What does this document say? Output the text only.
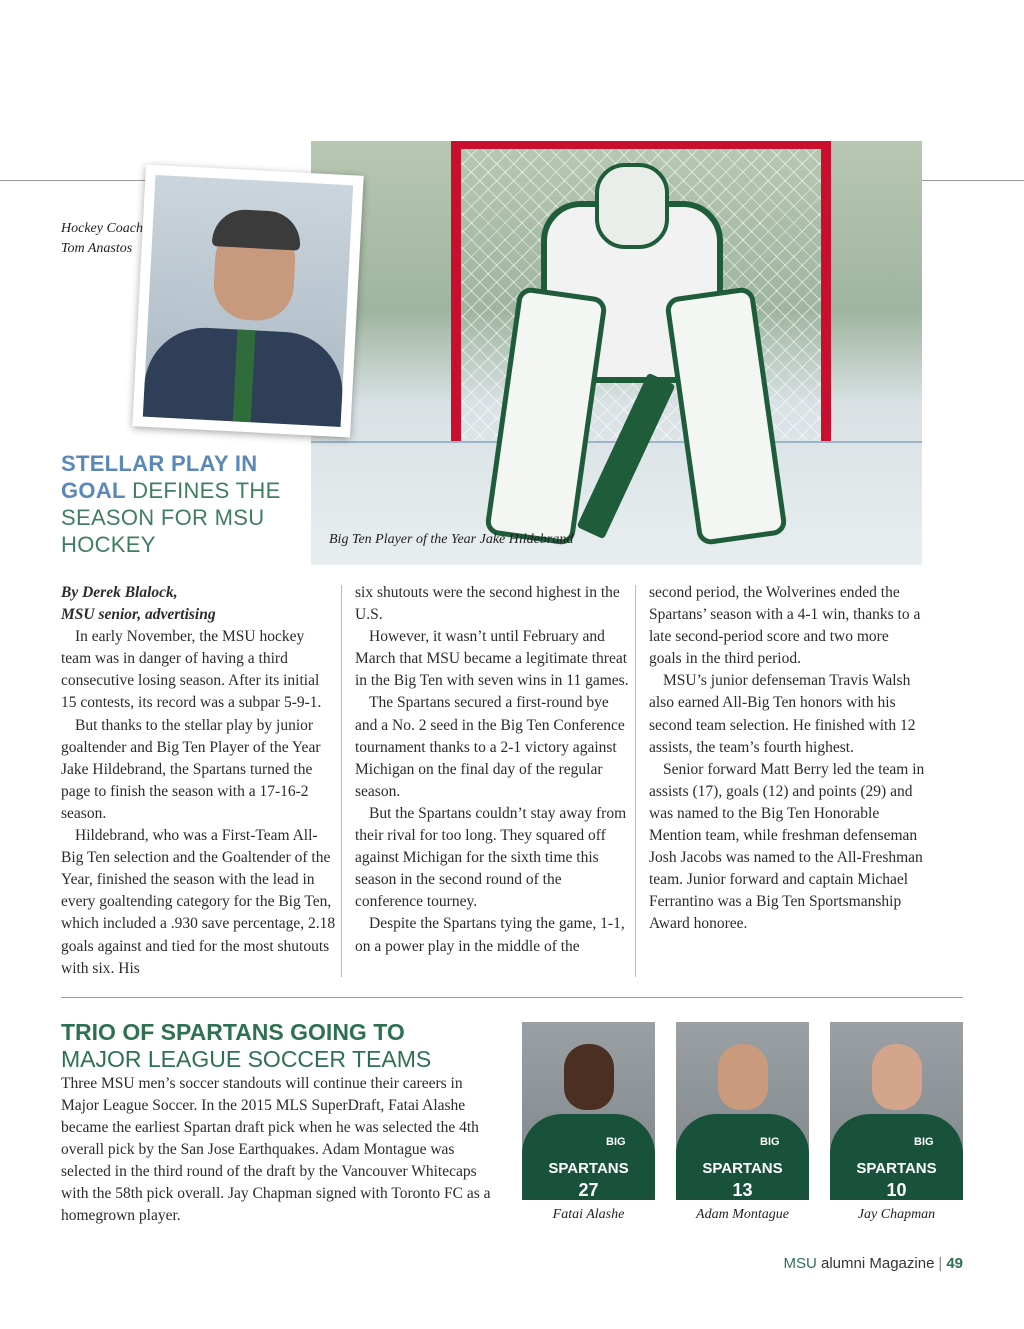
Big Ten Player of the Year Jake Hildebrand
Hockey Coach
Tom Anastos
STELLAR PLAY IN GOAL DEFINES THE SEASON FOR MSU HOCKEY

By Derek Blalock,

MSU senior, advertising

In early November, the MSU hockey team was in danger of having a third consecutive losing season. After its initial 15 contests, its record was a subpar 5-9-1.

But thanks to the stellar play by junior goaltender and Big Ten Player of the Year Jake Hildebrand, the Spartans turned the page to finish the season with a 17-16-2 season.

Hildebrand, who was a First-Team All-Big Ten selection and the Goaltender of the Year, finished the season with the lead in every goaltending category for the Big Ten, which included a .930 save percentage, 2.18 goals against and tied for the most shutouts with six. His

six shutouts were the second highest in the U.S.

However, it wasn’t until February and March that MSU became a legitimate threat in the Big Ten with seven wins in 11 games.

The Spartans secured a first-round bye and a No. 2 seed in the Big Ten Conference tournament thanks to a 2-1 victory against Michigan on the final day of the regular season.

But the Spartans couldn’t stay away from their rival for too long. They squared off against Michigan for the sixth time this season in the second round of the conference tourney.

Despite the Spartans tying the game, 1-1, on a power play in the middle of the

second period, the Wolverines ended the Spartans’ season with a 4-1 win, thanks to a late second-period score and two more goals in the third period.

MSU’s junior defenseman Travis Walsh also earned All-Big Ten honors with his second team selection. He finished with 12 assists, the team’s fourth highest.

Senior forward Matt Berry led the team in assists (17), goals (12) and points (29) and was named to the Big Ten Honorable Mention team, while freshman defenseman Josh Jacobs was named to the All-Freshman team. Junior forward and captain Michael Ferrantino was a Big Ten Sportsmanship Award honoree.

TRIO OF SPARTANS GOING TO
MAJOR LEAGUE SOCCER TEAMS
Three MSU men’s soccer standouts will continue their careers in Major League Soccer. In the 2015 MLS SuperDraft, Fatai Alashe became the earliest Spartan draft pick when he was selected the 4th overall pick by the San Jose Earthquakes. Adam Montague was selected in the third round of the draft by the Vancouver Whitecaps with the 58th pick overall. Jay Chapman signed with Toronto FC as a homegrown player.
BIG
SPARTANS
27
Fatai Alashe
BIG
SPARTANS
13
Adam Montague
BIG
SPARTANS
10
Jay Chapman
MSU alumni Magazine | 49
